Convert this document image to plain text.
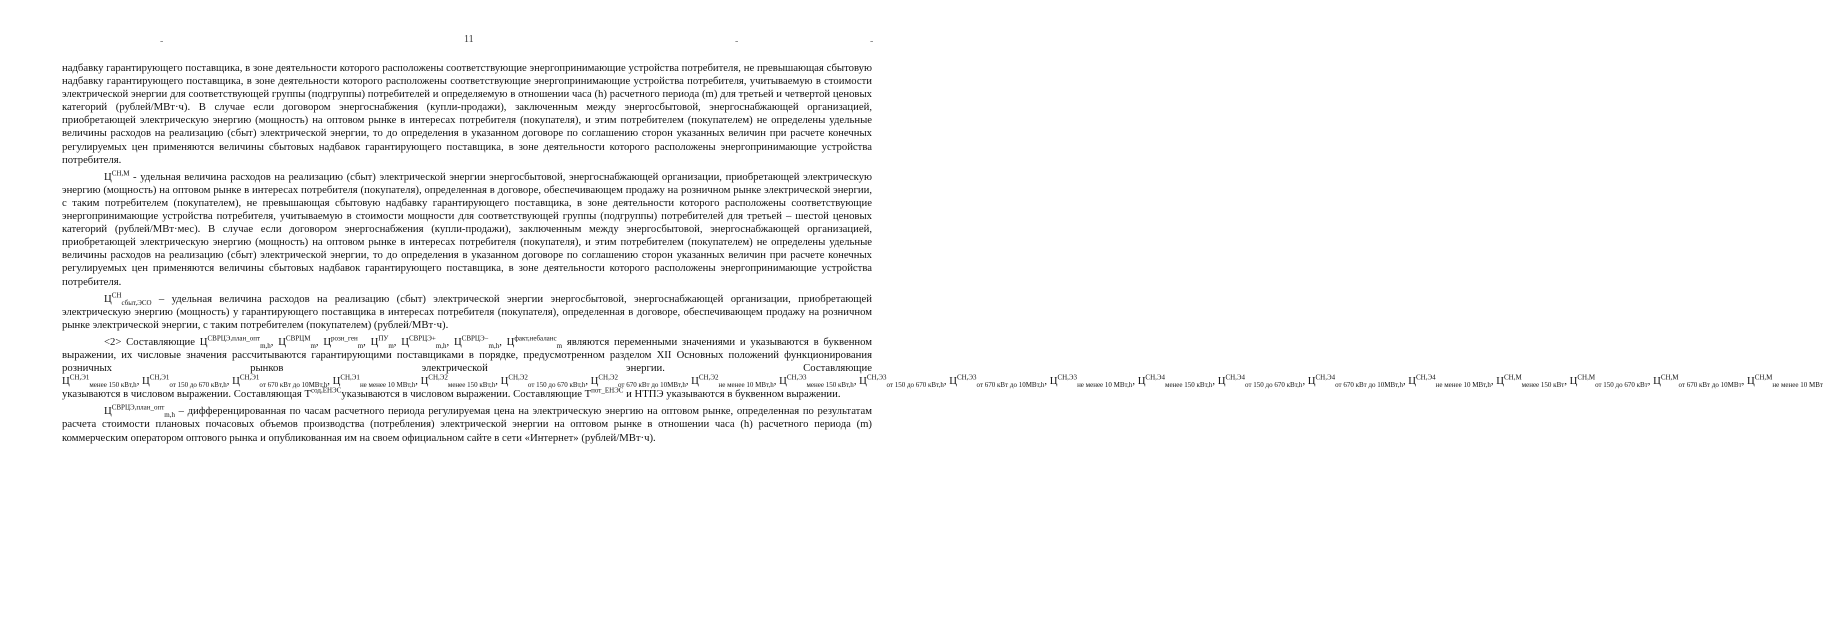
-	11	-	-

надбавку гарантирующего поставщика, в зоне деятельности которого расположены соответствующие энергопринимающие устройства потребителя, не превышающая сбытовую надбавку гарантирующего поставщика, в зоне деятельности которого расположены соответствующие энергопринимающие устройства потребителя, учитываемую в стоимости электрической энергии для соответствующей группы (подгруппы) потребителей и определяемую в отношении часа (h) расчетного периода (m) для третьей и четвертой ценовых категорий (рублей/МВт·ч). В случае если договором энергоснабжения (купли-продажи), заключенным между энергосбытовой, энергоснабжающей организацией, приобретающей электрическую энергию (мощность) на оптовом рынке в интересах потребителя (покупателя), и этим потребителем (покупателем) не определены удельные величины расходов на реализацию (сбыт) электрической энергии, то до определения в указанном договоре по соглашению сторон указанных величин при расчете конечных регулируемых цен применяются величины сбытовых надбавок гарантирующего поставщика, в зоне деятельности которого расположены энергопринимающие устройства потребителя.

$Ц^{СН,М}$ - удельная величина расходов на реализацию (сбыт) электрической энергии энергосбытовой, энергоснабжающей организации, приобретающей электрическую энергию (мощность) на оптовом рынке в интересах потребителя (покупателя), определенная в договоре, обеспечивающем продажу на розничном рынке электрической энергии, с таким потребителем (покупателем), не превышающая сбытовую надбавку гарантирующего поставщика, в зоне деятельности которого расположены соответствующие энергопринимающие устройства потребителя, учитываемую в стоимости мощности для соответствующей группы (подгруппы) потребителей для третьей – шестой ценовых категорий (рублей/МВт·мес). В случае если договором энергоснабжения (купли-продажи), заключенным между энергосбытовой, энергоснабжающей организацией, приобретающей электрическую энергию (мощность) на оптовом рынке в интересах потребителя (покупателя), и этим потребителем (покупателем) не определены удельные величины расходов на реализацию (сбыт) электрической энергии, то до определения в указанном договоре по соглашению сторон указанных величин при расчете конечных регулируемых цен применяются величины сбытовых надбавок гарантирующего поставщика, в зоне деятельности которого расположены энергопринимающие устройства потребителя.

$Ц^{СН}_{сбыт,ЭСО}$ – удельная величина расходов на реализацию (сбыт) электрической энергии энергосбытовой, энергоснабжающей организации, приобретающей электрическую энергию (мощность) у гарантирующего поставщика в интересах потребителя (покупателя), определенная в договоре, обеспечивающем продажу на розничном рынке электрической энергии, с таким потребителем (покупателем) (рублей/МВт·ч).

<2> Составляющие $Ц^{СВРЦЭ,план\_опт}_{m,h}$, $Ц^{СВРЦМ}_m$, $Ц^{розн\_ген}_m$, $Ц^{ПУ}_m$, $Ц^{СВРЦЭ+}_{m,h}$, $Ц^{СВРЦЭ-}_{m,h}$, $Ц^{факт,небаланс}_m$ являются переменными значениями и указываются в буквенном выражении, их числовые значения рассчитываются гарантирующими поставщиками в порядке, предусмотренном разделом XII Основных положений функционирования розничных рынков электрической энергии. Составляющие $Ц^{СН,Э1}_{менее 150 кВт,h}$, $Ц^{СН,Э1}_{от 150 до 670 кВт,h}$, $Ц^{СН,Э1}_{от 670 кВт до 10МВт,h}$, $Ц^{СН,Э1}_{не менее 10 МВт,h}$, $Ц^{СН,Э2}_{менее 150 кВт,h}$, $Ц^{СН,Э2}_{от 150 до 670 кВт,h}$, $Ц^{СН,Э2}_{от 670 кВт до 10МВт,h}$, $Ц^{СН,Э2}_{не менее 10 МВт,h}$, $Ц^{СН,Э3}_{менее 150 кВт,h}$, $Ц^{СН,Э3}_{от 150 до 670 кВт,h}$, $Ц^{СН,Э3}_{от 670 кВт до 10МВт,h}$, $Ц^{СН,Э3}_{не менее 10 МВт,h}$, $Ц^{СН,Э4}_{менее 150 кВт,h}$, $Ц^{СН,Э4}_{от 150 до 670 кВт,h}$, $Ц^{СН,Э4}_{от 670 кВт до 10МВт,h}$, $Ц^{СН,Э4}_{не менее 10 МВт,h}$, $Ц^{СН,М}_{менее 150 кВт}$, $Ц^{СН,М}_{от 150 до 670 кВт}$, $Ц^{СН,М}_{от 670 кВт до 10МВт}$, $Ц^{СН,М}_{не менее 10 МВт}$ указываются в числовом выражении. Составляющая $T^{сод,ЕНЭС}указываются$ в числовом выражении. Составляющие $T^{пот\_ЕНЭС}$ и НТПЭ указываются в буквенном выражении.

$Ц^{СВРЦЭ,план\_опт}_{m,h}$ – дифференцированная по часам расчетного периода регулируемая цена на электрическую энергию на оптовом рынке, определенная по результатам расчета стоимости плановых почасовых объемов производства (потребления) электрической энергии на оптовом рынке в отношении часа (h) расчетного периода (m) коммерческим оператором оптового рынка и опубликованная им на своем официальном сайте в сети «Интернет» (рублей/МВт·ч).
